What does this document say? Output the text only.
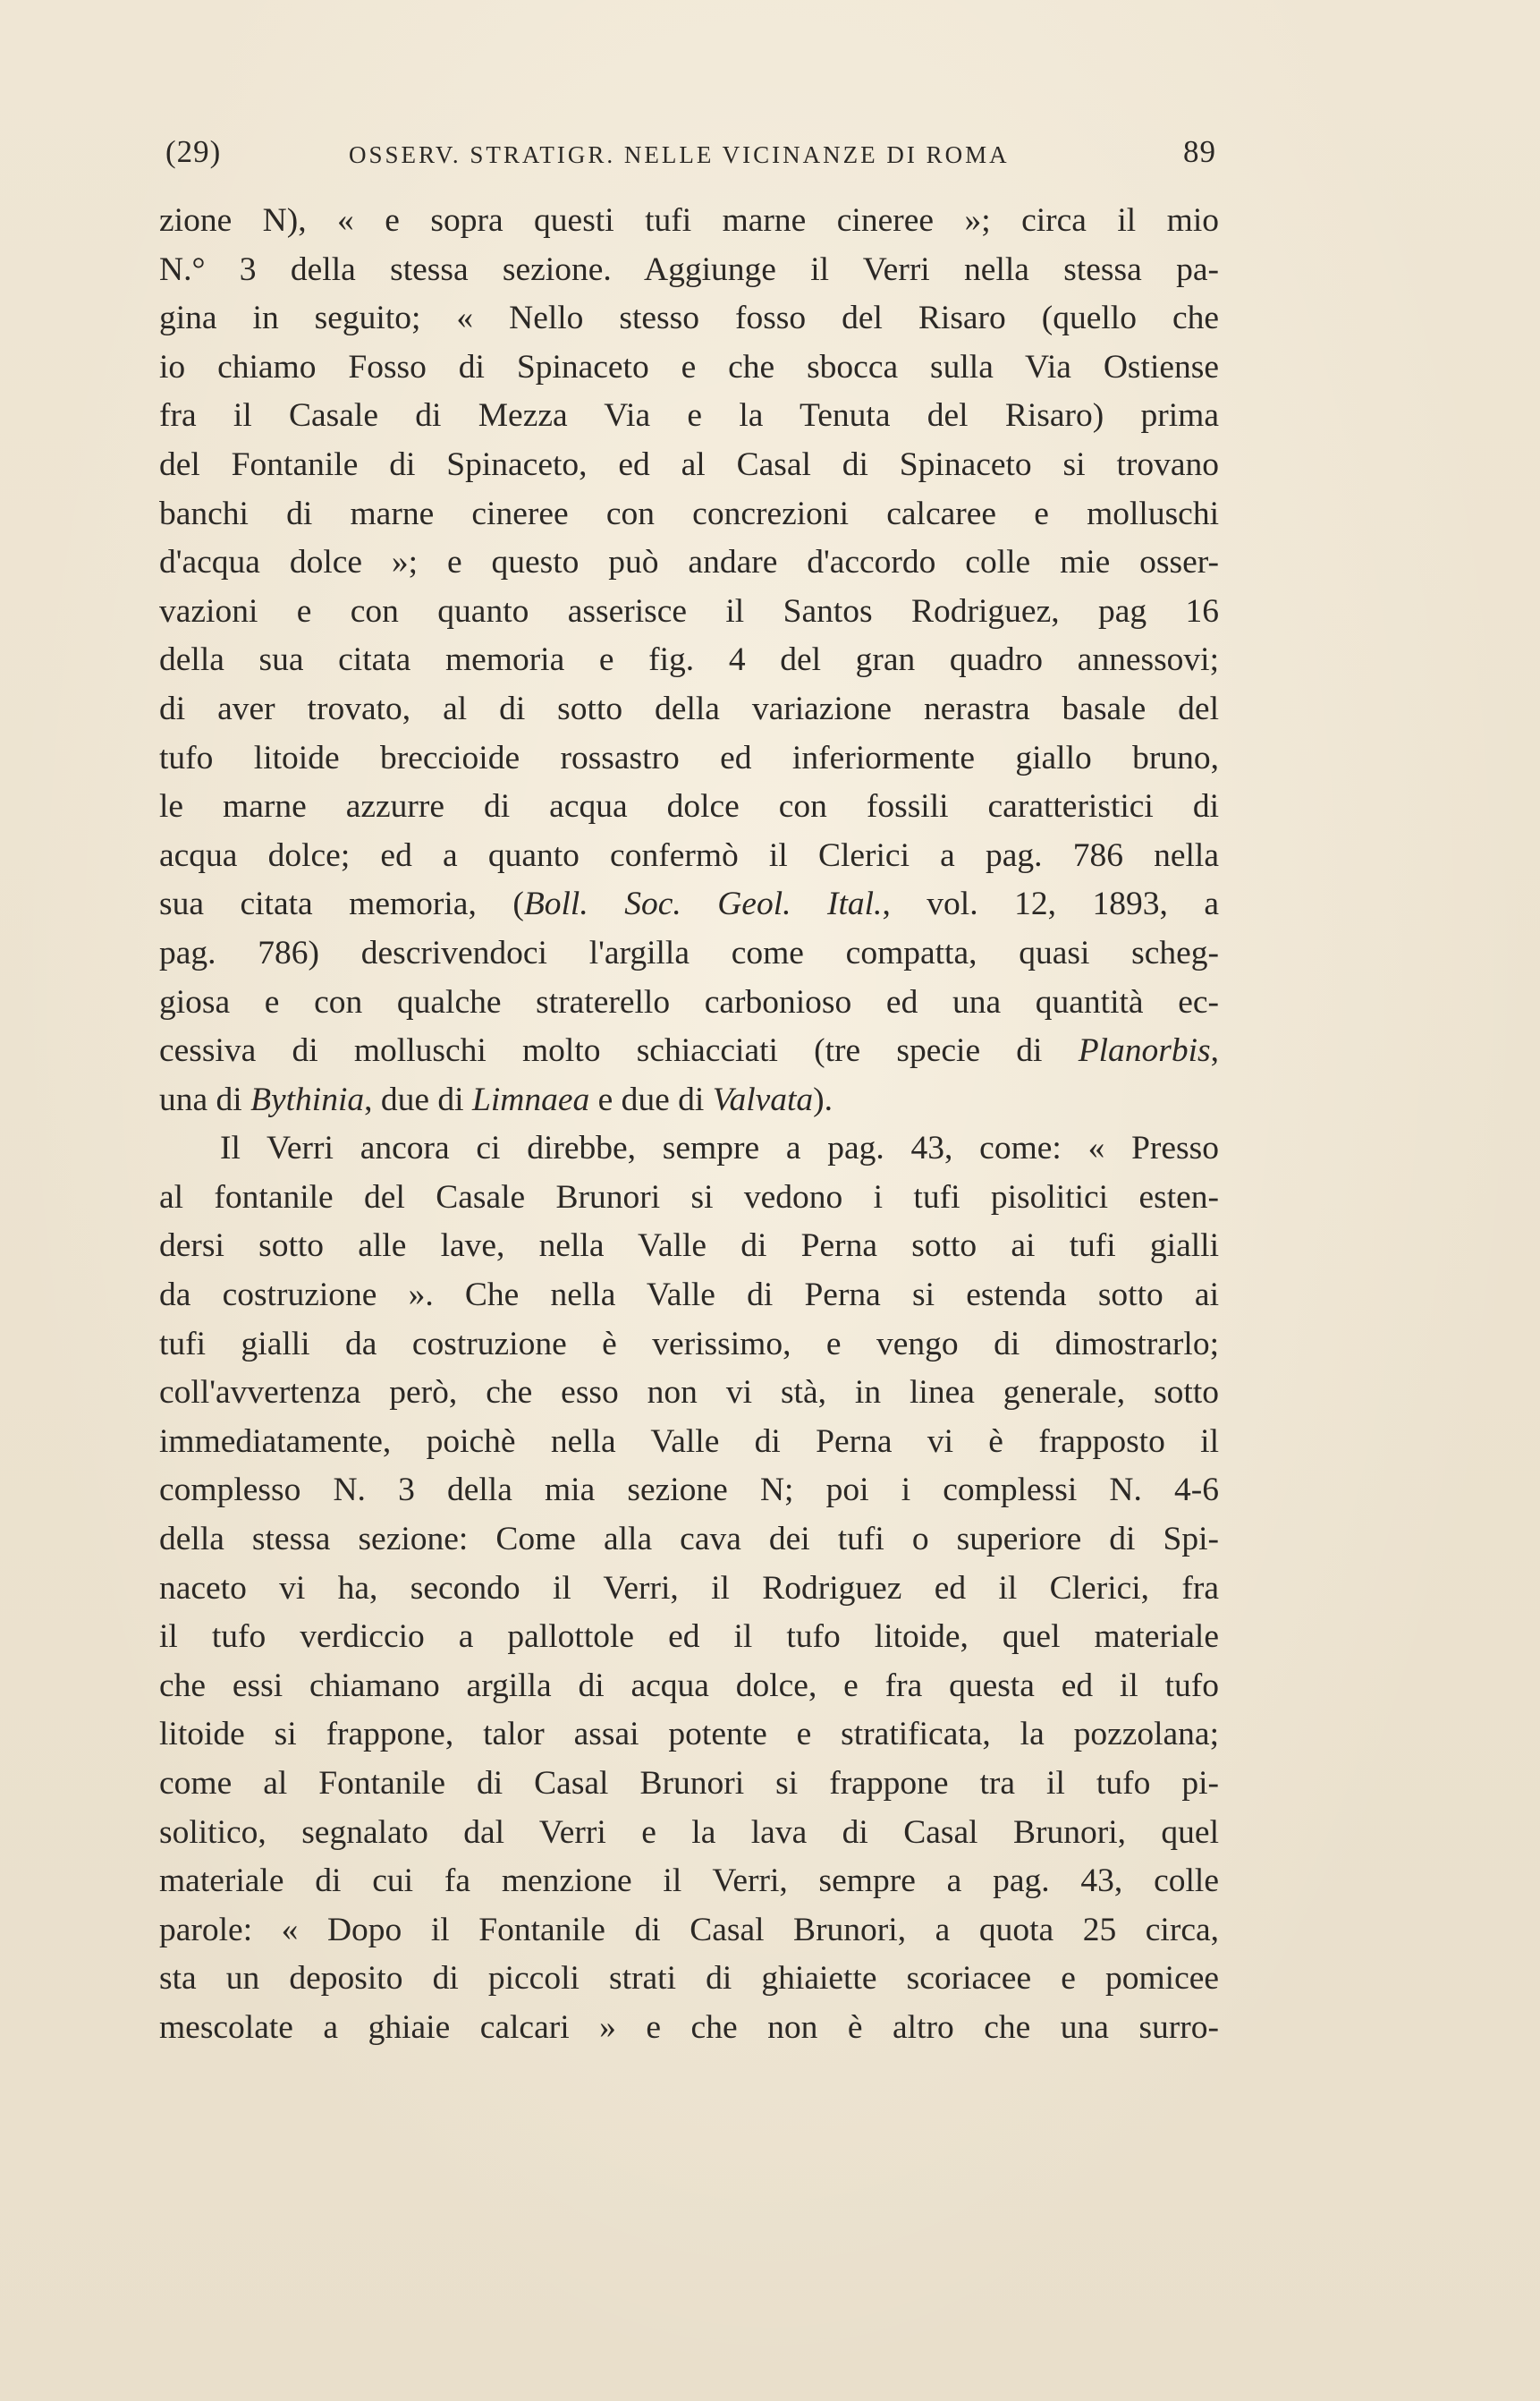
(29)	OSSERV. STRATIGR. NELLE VICINANZE DI ROMA	89
zione N), « e sopra questi tufi marne cineree »; circa il mio
N.° 3 della stessa sezione. Aggiunge il Verri nella stessa pa-
gina in seguito; « Nello stesso fosso del Risaro (quello che
io chiamo Fosso di Spinaceto e che sbocca sulla Via Ostiense
fra il Casale di Mezza Via e la Tenuta del Risaro) prima
del Fontanile di Spinaceto, ed al Casal di Spinaceto si trovano
banchi di marne cineree con concrezioni calcaree e molluschi
d'acqua dolce »; e questo può andare d'accordo colle mie osser-
vazioni e con quanto asserisce il Santos Rodriguez, pag 16
della sua citata memoria e fig. 4 del gran quadro annessovi;
di aver trovato, al di sotto della variazione nerastra basale del
tufo litoide breccioide rossastro ed inferiormente giallo bruno,
le marne azzurre di acqua dolce con fossili caratteristici di
acqua dolce; ed a quanto confermò il Clerici a pag. 786 nella
sua citata memoria, (Boll. Soc. Geol. Ital., vol. 12, 1893, a
pag. 786) descrivendoci l'argilla come compatta, quasi scheg-
giosa e con qualche straterello carbonioso ed una quantità ec-
cessiva di molluschi molto schiacciati (tre specie di Planorbis,
una di Bythinia, due di Limnaea e due di Valvata).
Il Verri ancora ci direbbe, sempre a pag. 43, come: « Presso
al fontanile del Casale Brunori si vedono i tufi pisolitici esten-
dersi sotto alle lave, nella Valle di Perna sotto ai tufi gialli
da costruzione ». Che nella Valle di Perna si estenda sotto ai
tufi gialli da costruzione è verissimo, e vengo di dimostrarlo;
coll'avvertenza però, che esso non vi stà, in linea generale, sotto
immediatamente, poichè nella Valle di Perna vi è frapposto il
complesso N. 3 della mia sezione N; poi i complessi N. 4-6
della stessa sezione: Come alla cava dei tufi o superiore di Spi-
naceto vi ha, secondo il Verri, il Rodriguez ed il Clerici, fra
il tufo verdiccio a pallottole ed il tufo litoide, quel materiale
che essi chiamano argilla di acqua dolce, e fra questa ed il tufo
litoide si frappone, talor assai potente e stratificata, la pozzolana;
come al Fontanile di Casal Brunori si frappone tra il tufo pi-
solitico, segnalato dal Verri e la lava di Casal Brunori, quel
materiale di cui fa menzione il Verri, sempre a pag. 43, colle
parole: « Dopo il Fontanile di Casal Brunori, a quota 25 circa,
sta un deposito di piccoli strati di ghiaiette scoriacee e pomicee
mescolate a ghiaie calcari » e che non è altro che una surro-
